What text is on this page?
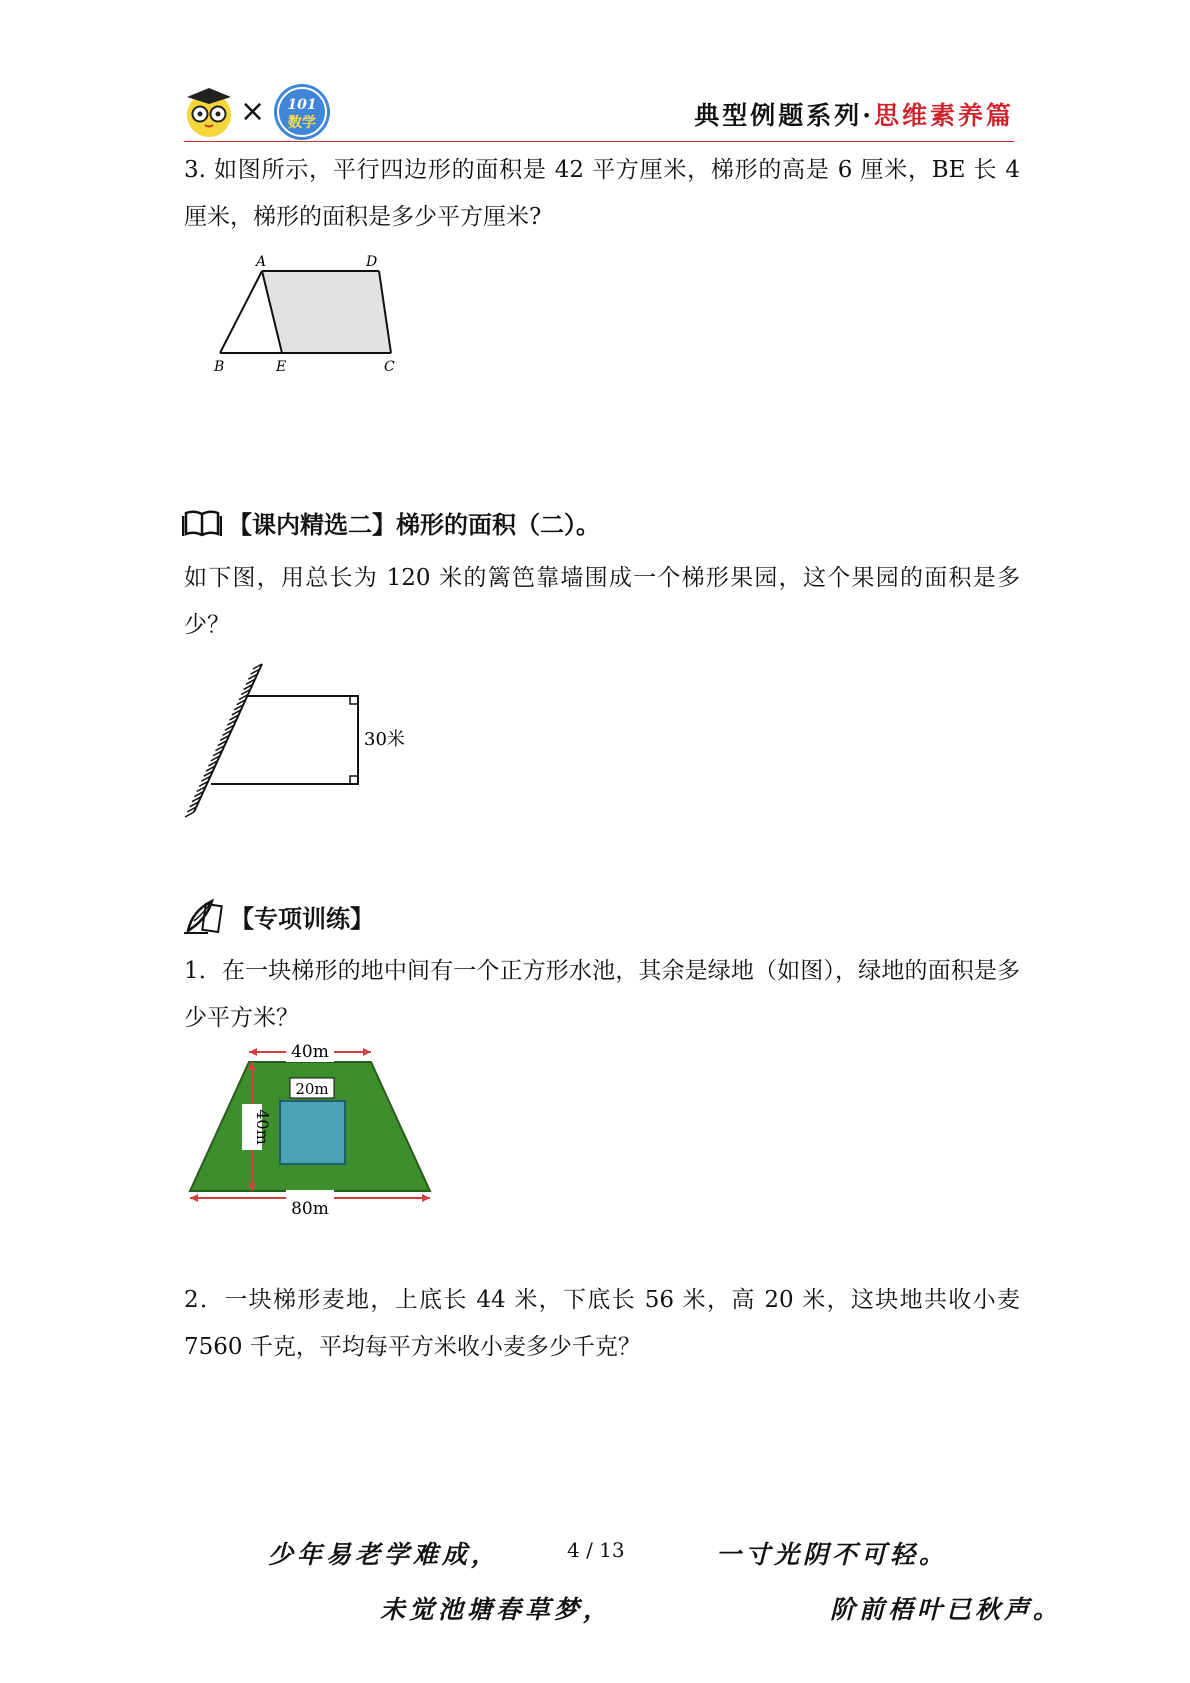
× 101
数学	典型例题系列·思维素养篇
3. 如图所示，平行四边形的面积是 42 平方厘米，梯形的高是 6 厘米，BE 长 4 厘米，梯形的面积是多少平方厘米?
A	D
B	E	C
【课内精选二】梯形的面积（二）。
如下图，用总长为 120 米的篱笆靠墙围成一个梯形果园，这个果园的面积是多少？
30米
【专项训练】
1．在一块梯形的地中间有一个正方形水池，其余是绿地（如图），绿地的面积是多少平方米？
40m
20m
40m
80m
2．一块梯形麦地，上底长 44 米，下底长 56 米，高 20 米，这块地共收小麦 7560 千克，平均每平方米收小麦多少千克？
少年易老学难成，	4 / 13	一寸光阴不可轻。
未觉池塘春草梦，	阶前梧叶已秋声。
